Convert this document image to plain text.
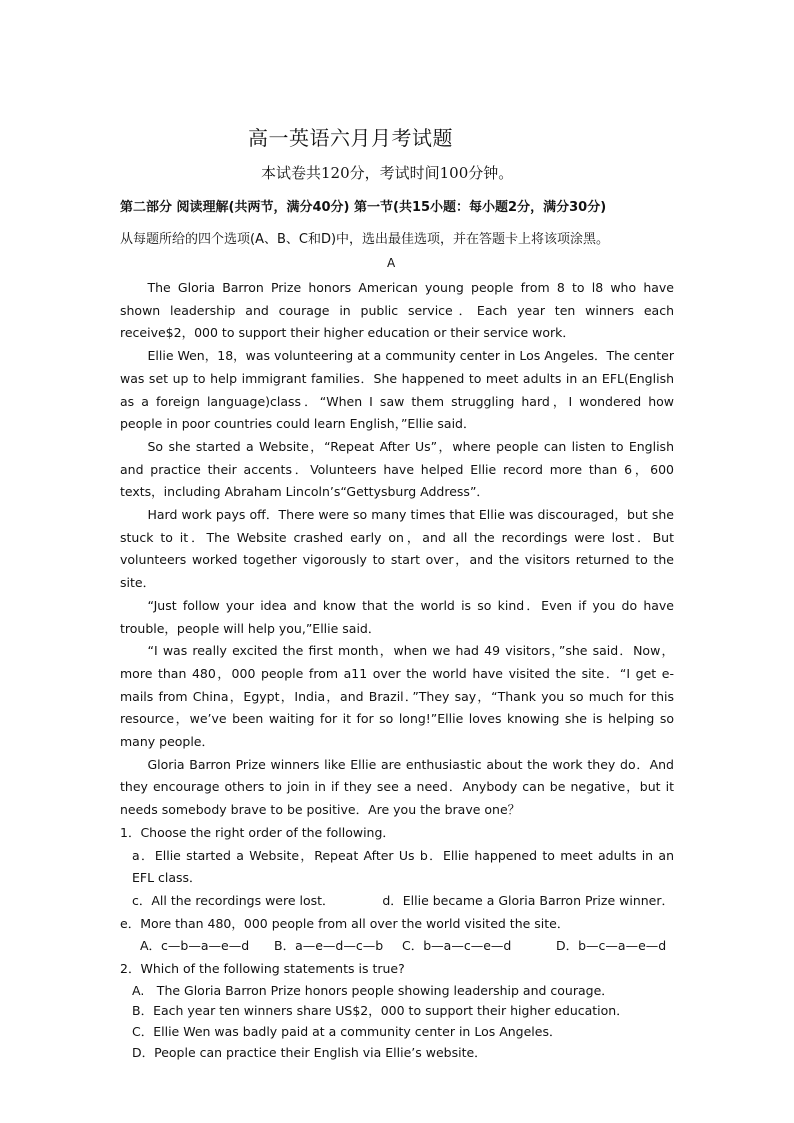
高一英语六月月考试题
本试卷共120分，考试时间100分钟。
第二部分 阅读理解(共两节，满分40分) 第一节(共15小题：每小题2分，满分30分)
从每题所给的四个选项(A、B、C和D)中，选出最佳选项，并在答题卡上将该项涂黑。
A

The Gloria Barron Prize honors American young people from 8 to l8 who have shown leadership and courage in public service．Each year ten winners each receive$2，000 to support their higher education or their service work．

Ellie Wen，18，was volunteering at a community center in Los Angeles．The center was set up to help immigrant families．She happened to meet adults in an EFL(English as a foreign language)class．“When I saw them struggling hard，I wondered how people in poor countries could learn English，”Ellie said．

So she started a Website，“Repeat After Us”，where people can listen to English and practice their accents．Volunteers have helped Ellie record more than 6，600 texts，including Abraham Lincoln’s“Gettysburg Address”．

Hard work pays off．There were so many times that Ellie was discouraged，but she stuck to it．The Website crashed early on，and all the recordings were lost．But volunteers worked together vigorously to start over，and the visitors returned to the site．

“Just follow your idea and know that the world is so kind．Even if you do have trouble，people will help you,”Ellie said．

“I was really excited the first month，when we had 49 visitors，”she said．Now，more than 480，000 people from a11 over the world have visited the site．“I get e-mails from China，Egypt，India，and Brazil．”They say，“Thank you so much for this resource，we’ve been waiting for it for so long!”Ellie loves knowing she is helping so many people．

Gloria Barron Prize winners like Ellie are enthusiastic about the work they do．And they encourage others to join in if they see a need．Anybody can be negative，but it needs somebody brave to be positive．Are you the brave one？

1．Choose the right order of the following．

a．Ellie started a Website，Repeat After Us b．Ellie happened to meet adults in an EFL class．

c．All the recordings were lost．	d．Ellie became a Gloria Barron Prize winner．

e．More than 480，000 people from all over the world visited the site．

A．c—b—a—e—d	B．a—e—d—c—b	C．b—a—c—e—d	D．b—c—a—e—d

2．Which of the following statements is true?

A.　The Gloria Barron Prize honors people showing leadership and courage．

B．Each year ten winners share US$2，000 to support their higher education．

C．Ellie Wen was badly paid at a community center in Los Angeles．

D．People can practice their English via Ellie’s website．
